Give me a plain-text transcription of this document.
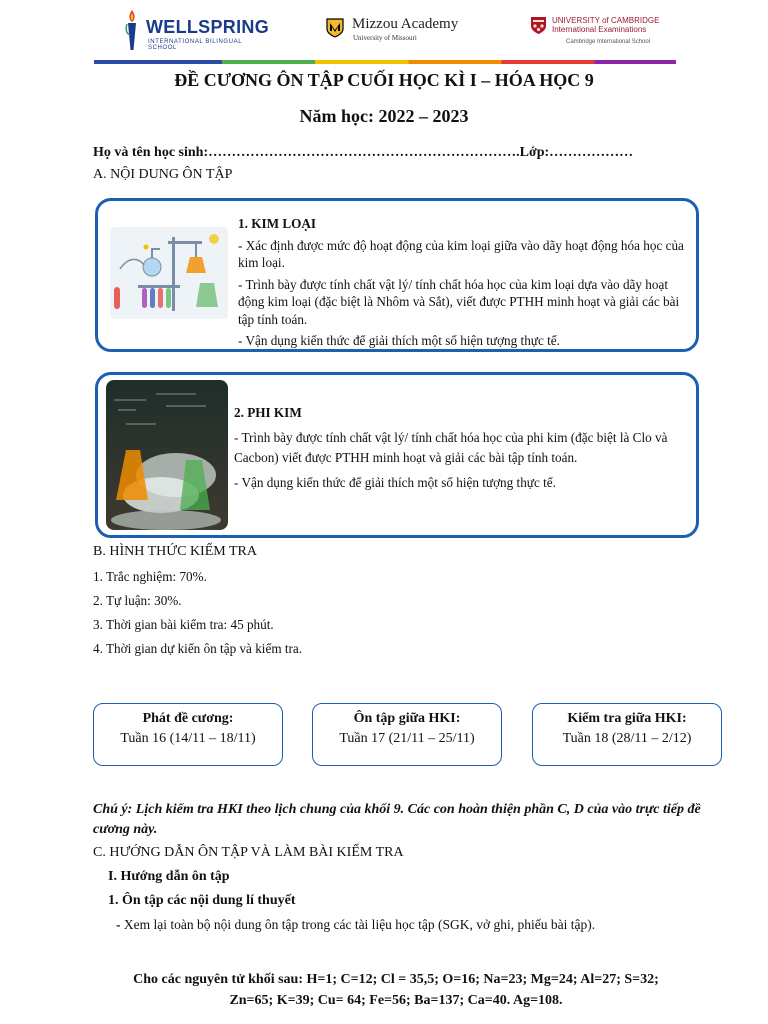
WELLSPRING
INTERNATIONAL BILINGUAL SCHOOL
Mizzou Academy
University of Missouri
UNIVERSITY of CAMBRIDGE
International Examinations
Cambridge International School
ĐỀ CƯƠNG ÔN TẬP CUỐI HỌC KÌ I – HÓA HỌC 9
Năm học: 2022 – 2023
Họ và tên học sinh:………………………………………………………….Lớp:………………
A. NỘI DUNG ÔN TẬP
1. KIM LOẠI

- Xác định được mức độ hoạt động của kim loại giữa vào dãy hoạt động hóa học của kim loại.

- Trình bày được tính chất vật lý/ tính chất hóa học của kim loại dựa vào dãy hoạt động kim loại (đặc biệt là Nhôm và Sắt), viết được PTHH minh hoạt và giải các bài tập tính toán.

- Vận dụng kiến thức để giải thích một số hiện tượng thực tế.

2. PHI KIM

- Trình bày được tính chất vật lý/ tính chất hóa học của phi kim (đặc biệt là Clo và Cacbon) viết được PTHH minh hoạt và giải các bài tập tính toán.

- Vận dụng kiến thức để giải thích một số hiện tượng thực tế.

B. HÌNH THỨC KIỂM TRA
1. Trắc nghiệm: 70%.
2. Tự luận: 30%.
3. Thời gian bài kiểm tra: 45 phút.
4. Thời gian dự kiến ôn tập và kiểm tra.
Phát đề cương:
Tuần 16 (14/11 – 18/11)
Ôn tập giữa HKI:
Tuần 17 (21/11 – 25/11)
Kiểm tra giữa HKI:
Tuần 18 (28/11 – 2/12)
Chú ý: Lịch kiểm tra HKI theo lịch chung của khối 9. Các con hoàn thiện phần C, D của vào trực tiếp đề cương này.
C. HƯỚNG DẪN ÔN TẬP VÀ LÀM BÀI KIỂM TRA
I. Hướng dẫn ôn tập
1. Ôn tập các nội dung lí thuyết
- Xem lại toàn bộ nội dung ôn tập trong các tài liệu học tập (SGK, vở ghi, phiếu bài tập).
Cho các nguyên tử khối sau: H=1; C=12; Cl = 35,5; O=16; Na=23; Mg=24; Al=27; S=32;
Zn=65; K=39; Cu= 64; Fe=56; Ba=137; Ca=40. Ag=108.
